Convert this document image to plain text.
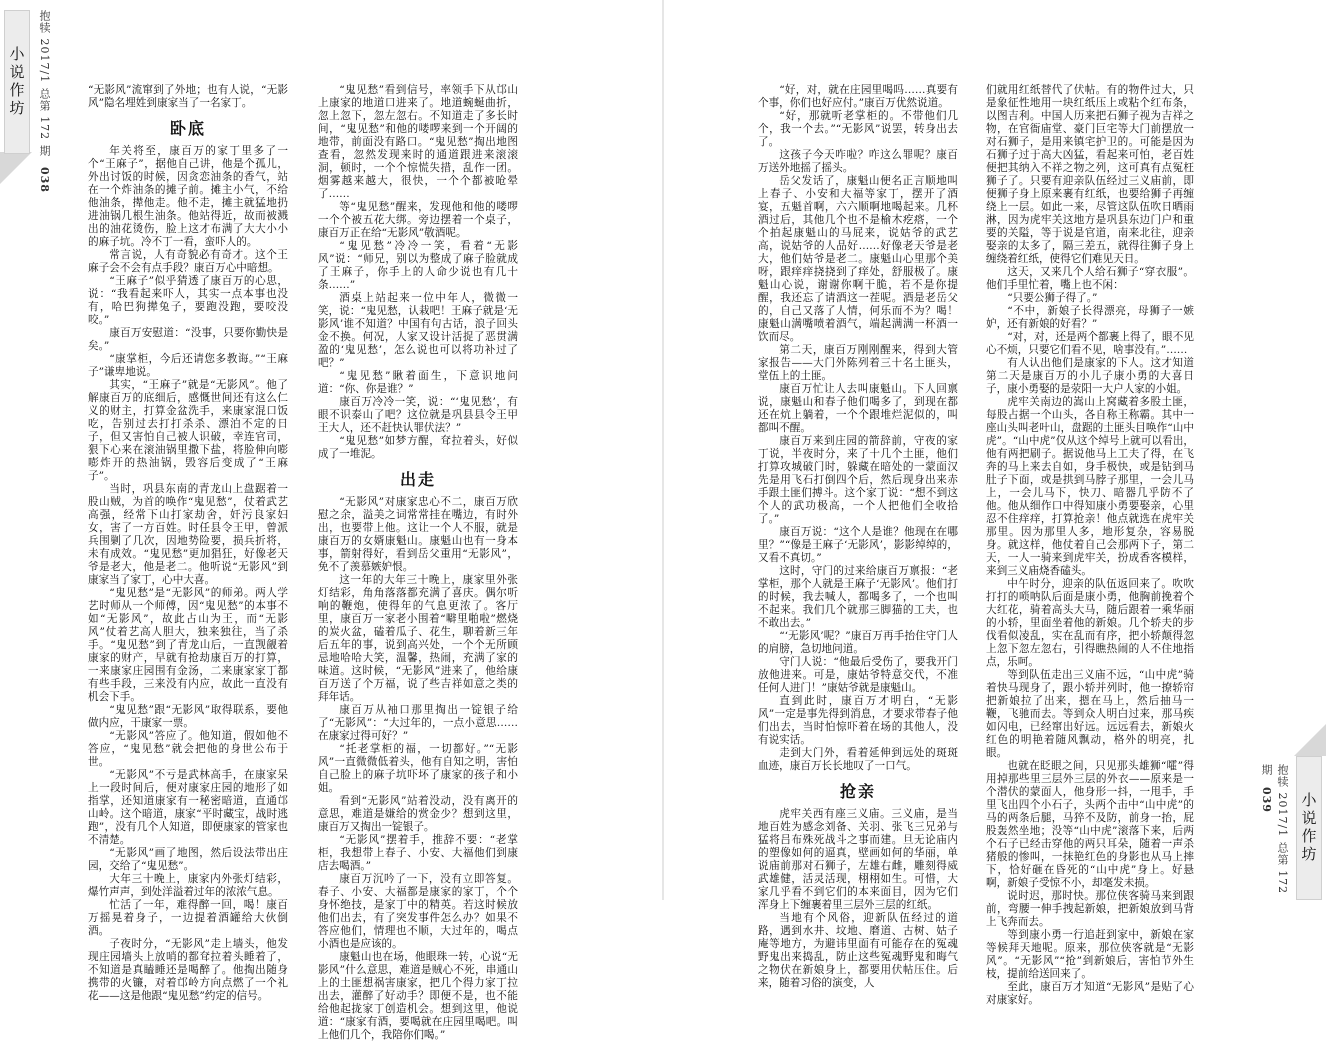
小说作坊 抱犊 2017/1 总第 172 期 038
小说作坊
抱犊 2017/1 总第 172 期 039

“无影风”流窜到了外地；也有人说，“无影风”隐名埋姓到康家当了一名家丁。

卧底

年关将至，康百万的家丁里多了一个“王麻子”，据他自己讲，他是个孤儿，外出讨饭的时候，因贪恋油条的香气，站在一个炸油条的摊子前。摊主小气，不给他油条，撵他走。他不走，摊主就猛地扔进油锅几根生油条。他站得近，故而被溅出的油花烫伤，脸上这才布满了大大小小的麻子坑。冷不丁一看，蛮吓人的。

常言说，人有奇貌必有奇才。这个王麻子会不会有点手段？康百万心中暗想。

“王麻子”似乎猜透了康百万的心思，说：“我看起来吓人，其实一点本事也没有，哈巴狗撵兔子，要跑没跑，要咬没咬。”

康百万安慰道：“没事，只要你勤快是矣。”

“康掌柜，今后还请您多教诲。”“王麻子”谦卑地说。

其实，“王麻子”就是“无影风”。他了解康百万的底细后，感慨世间还有这么仁义的财主，打算金盆洗手，来康家混口饭吃，告别过去打打杀杀、漂泊不定的日子，但又害怕自己被人识破，幸连官司，狠下心来在滚油锅里撒下盐，将脸伸向嘭嘭炸开的热油锅，毁容后变成了“王麻子”。

当时，巩县东南的青龙山上盘踞着一股山贼，为首的唤作“鬼见愁”，仗着武艺高强，经常下山打家劫舍，奸污良家妇女，害了一方百姓。时任县令王甲，曾派兵围剿了几次，因地势险要，损兵折将，未有成效。“鬼见愁”更加猖狂，好像老天爷是老大，他是老二。他听说“无影风”到康家当了家丁，心中大喜。

“鬼见愁”是“无影风”的师弟。两人学艺时师从一个师傅，因“鬼见愁”的本事不如“无影风”，故此占山为王，而“无影风”仗着艺高人胆大，独来独往，当了杀手。“鬼见愁”到了青龙山后，一直觊觎着康家的财产，早就有抢劫康百万的打算，一来康家庄园围有金汤，二来康家家丁都有些手段，三来没有内应，故此一直没有机会下手。

“鬼见愁”跟“无影风”取得联系，要他做内应，干康家一票。

“无影风”答应了。他知道，假如他不答应，“鬼见愁”就会把他的身世公布于世。

“无影风”不亏是武林高手，在康家呆上一段时间后，便对康家庄园的地形了如指掌，还知道康家有一秘密暗道，直通邙山岭。这个暗道，康家“平时藏宝，战时逃跑”，没有几个人知道，即便康家的管家也不清楚。

“无影风”画了地图，然后设法带出庄园，交给了“鬼见愁”。

大年三十晚上，康家内外张灯结彩，爆竹声声，到处洋溢着过年的浓浓气息。

忙活了一年，难得醉一回，喝！康百万摇晃着身子，一边提着酒罐给大伙倒酒。

子夜时分，“无影风”走上墙头，他发现庄园墙头上放哨的都耷拉着头睡着了，不知道是真瞌睡还是喝醉了。他掏出随身携带的火镰，对着邙岭方向点燃了一个礼花——这是他跟“鬼见愁”约定的信号。

“鬼见愁”看到信号，率领手下从邙山上康家的地道口进来了。地道蜿蜒曲折，忽上忽下，忽左忽右。不知道走了多长时间，“鬼见愁”和他的喽啰来到一个开阔的地带，前面没有路口。“鬼见愁”掏出地图查看，忽然发现来时的通道跟进来滚滚洞，顿时，一个个惊慌失措，乱作一团。烟雾越来越大，很快，一个个都被呛晕了……

等“鬼见愁”醒来，发现他和他的喽啰一个个被五花大绑。旁边摆着一个桌子，康百万正在给“无影风”敬酒呢。

“鬼见愁”冷冷一笑，看着“无影风”说：“师兄，别以为整成了麻子脸就成了王麻子，你手上的人命少说也有几十条……”

酒桌上站起来一位中年人，微微一笑，说：“鬼见愁，认栽吧！王麻子就是‘无影风’谁不知道？中国有句古话，浪子回头金不换。何况，人家又设计活捉了恶贯满盈的‘鬼见愁’，怎么说也可以将功补过了吧？”

“鬼见愁”瞅着面生，下意识地问道：“你、你是谁？”

康百万冷冷一笑，说：“‘鬼见愁’，有眼不识泰山了吧？这位就是巩县县令王甲王大人，还不赶快认罪伏法？”

“鬼见愁”如梦方醒，耷拉着头，好似成了一堆泥。

出走

“无影风”对康家忠心不二，康百万欣慰之余，溢美之词常常挂在嘴边，有时外出，也要带上他。这让一个人不服，就是康百万的女婿康魁山。康魁山也有一身本事，箭射得好，看到岳父重用“无影风”，免不了羡慕嫉妒恨。

这一年的大年三十晚上，康家里外张灯结彩，角角落落都充满了喜庆。偶尔听响的鞭炮，使得年的气息更浓了。客厅里，康百万一家老小围着“噼里啪啦”燃烧的炭火盆，磕着瓜子、花生，聊着新三年后五年的事，说到高兴处，一个个无所顾忌地哈哈大笑，温馨，热闹，充满了家的味道。这时候，“无影风”进来了，他给康百万送了个万福，说了些吉祥如意之类的拜年话。

康百万从袖口那里掏出一锭银子给了“无影风”：“大过年的，一点小意思……在康家过得可好？”

“托老掌柜的福，一切都好。”“无影风”一直微微低着头，他有自知之明，害怕自己脸上的麻子坑吓坏了康家的孩子和小姐。

看到“无影风”站着没动，没有离开的意思，难道是嫌给的赏金少？想到这里，康百万又掏出一锭银子。

“无影风”摆着手，推辞不要：“老掌柜，我想带上春子、小安、大福他们到康店去喝酒。”

康百万沉吟了一下，没有立即答复。春子、小安、大福都是康家的家丁，个个身怀绝技，是家丁中的精英。若这时候放他们出去，有了突发事件怎么办？如果不答应他们，情理也不顺，大过年的，喝点小酒也是应该的。

康魁山也在场，他眼珠一转，心说“无影风”什么意思，难道是贼心不死，串通山上的土匪想祸害康家，把几个得力家丁拉出去，灌醉了好动手？即便不是，也不能给他起拢家丁创造机会。想到这里，他说道：“康家有酒，要喝就在庄园里喝吧。叫上他们几个，我陪你们喝。”

“好，对，就在庄园里喝吗……真要有个事，你们也好应付。”康百万优然说道。

“好，那就听老掌柜的。不带他们几个，我一个去。”“无影风”说罢，转身出去了。

这孩子今天咋啦？咋这么罪呢？康百万送外地摇了摇头。

岳父发话了，康魁山便名正言顺地叫上春子、小安和大福等家丁，摆开了酒宴，五魁首啊，六六顺啊地喝起来。几杯酒过后，其他几个也不是榆木疙瘩，一个个拍起康魁山的马屁来，说姑爷的武艺高，说姑爷的人品好……好像老天爷是老大，他们姑爷是老二。康魁山心里那个美呀，跟痒痒挠挠到了痒处，舒服极了。康魁山心说，谢谢你啊干脆，若不是你提醒，我还忘了请酒这一茬呢。酒是老岳父的，自己又落了人情，何乐而不为？喝！康魁山满嘴喷着酒气，端起满满一杯酒一饮而尽。

第二天，康百万刚刚醒来，得到大管家报告——大门外陈列着三十名土匪头，堂伍上的土匪。

康百万忙让人去叫康魁山。下人回禀说，康魁山和春子他们喝多了，到现在都还在炕上躺着，一个个跟堆烂泥似的，叫都叫不醒。

康百万来到庄园的箭辞前，守夜的家丁说，半夜时分，来了十几个土匪，他们打算攻城破门时，躲藏在暗处的一蒙面汉先是用飞石打倒四个后，然后现身出来赤手跟土匪们搏斗。这个家丁说：“想不到这个人的武功极高，一个人把他们全收拾了。”

康百万说：“这个人是谁？他现在在哪里？”“像是王麻子‘无影风’，影影绰绰的，又看不真切。”

这时，守门的过来给康百万禀报：“老掌柜，那个人就是王麻子‘无影风’。他们打的时候，我去喊人，都喝多了，一个也叫不起来。我们几个就那三脚猫的工夫，也不敢出去。”

“‘无影风’呢？”康百万再手抬住守门人的肩膀，急切地问道。

守门人说：“他最后受伤了，要我开门放他进来。可是，康姑爷特意交代，不准任何人进门！”康姑爷就是康魁山。

直到此时，康百万才明白，“无影风”一定是事先得到消息，才要求带春子他们出去，当时怕惊吓着在场的其他人，没有说实话。

走到大门外，看着延伸到远处的斑斑血迹，康百万长长地叹了一口气。

抢亲

虎牢关西有座三义庙。三义庙，是当地百姓为感念刘备、关羽、张飞三兄弟与猛将吕布殊死战斗之事而建。旦无论庙内的塑像如何的逼真，壁画如何的华丽，单说庙前那对石狮子，左雄右雌，雕刻得威武雄健，活灵活现，栩栩如生。可惜，大家几乎看不到它们的本来面目，因为它们浑身上下缠裹着里三层外三层的红纸。

当地有个风俗，迎新队伍经过的道路，遇到水井、坟地、磨道、古树、姑子庵等地方，为避讳里面有可能存在的冤魂野鬼出来捣乱，防止这些冤魂野鬼和晦气之物伏在新娘身上，都要用伏帖压住。后来，随着习俗的演变，人

们就用红纸替代了伏帖。有的物件过大，只是象征性地用一块红纸压上或粘个红布条，以图吉利。中国人历来把石狮子视为吉祥之物，在官衙庙堂、豪门巨宅等大门前摆放一对石狮子，是用来镇宅护卫的。可能是因为石狮子过于高大凶猛，看起来可怕，老百姓便把其纳入不祥之物之列，这可真有点冤枉狮子了。只要有迎亲队伍经过三义庙前，即便狮子身上原来裹有红纸，也要给狮子再缠绕上一层。如此一来，尽管这队伍吹日晒雨淋，因为虎牢关这地方是巩县东边门户和重要的关隘，等于说是官道，南来北往，迎亲娶亲的太多了，隔三差五，就得往狮子身上缠绕着红纸，使得它们难见天日。

这天，又来几个人给石狮子“穿衣服”。他们手里忙着，嘴上也不闲：

“只要公狮子得了。”

“不中，新娘子长得漂亮，母狮子一嫉妒，还有新娘的好看？”

“对，对，还是两个都裹上得了，眼不见心不烦，只要它们看不见，啥事没有。”……

有人认出他们是康家的下人。这才知道第二天是康百万的小儿子康小勇的大喜日子，康小勇娶的是荥阳一大户人家的小姐。

虎牢关南边的嵩山上窝藏着多股土匪，每股占据一个山头，各自称王称霸。其中一座山头叫老叶山，盘踞的土匪头目唤作“山中虎”。“山中虎”仅从这个绰号上就可以看出，他有两把刷子。据说他马上工夫了得，在飞奔的马上来去自如，身手极快，或是钻到马肚子下面，或是拱到马脖子那里，一会儿马上，一会儿马下，快刀、暗器几乎防不了他。他从细作口中得知康小勇要娶亲，心里忍不住痒痒，打算抢亲！他点就选在虎牢关那里。因为那里人多，地形复杂，容易脱身。就这样，他仗着自己会那两下子，第二天，一人一骑来到虎牢关，扮成香客模样，来到三义庙烧香磕头。

中午时分，迎亲的队伍返回来了。吹吹打打的唢呐队后面是康小勇，他胸前挽着个大红花，骑着高头大马，随后跟着一乘华丽的小轿，里面坐着他的新娘。几个轿夫的步伐看似凌乱，实在乱而有序，把小轿颠得忽上忽下忽左忽右，引得瞧热闹的人不住地指点，乐呵。

等到队伍走出三义庙不远，“山中虎”骑着快马现身了，跟小轿并列时，他一撩轿帘把新娘拉了出来，摁在马上，然后抽马一鞭，飞驰而去。等到众人明白过来，那马疾如闪电，已经窜出好远。远远看去，新娘火红色的明艳着随风飘动，格外的明亮，扎眼。

也就在眨眼之间，只见那头雄狮“嚯”得用掉那些里三层外三层的外衣——原来是一个潜伏的蒙面人，他身形一抖，一甩手，手里飞出四个小石子，头两个击中“山中虎”的马的两条后腿，马猝不及防，前身一抬，屁股轰然坐地；没等“山中虎”滚落下来，后两个石子已经击穿他的两只耳朵，随着一声杀猪般的惨叫，一抹艳红色的身影也从马上摔下，恰好砸在昏死的“山中虎”身上。好悬啊，新娘子受惊不小，却毫发未损。

说时迟，那时快。那位侠客骑马来到跟前，弯腰一伸手拽起新娘，把新娘放到马背上飞奔而去。

等到康小勇一行追赶到家中，新娘在家等候拜天地呢。原来，那位侠客就是“无影风”。“无影风”“抢”到新娘后，害怕节外生枝，提前给送回来了。

至此，康百万才知道“无影风”是贴了心对康家好。
